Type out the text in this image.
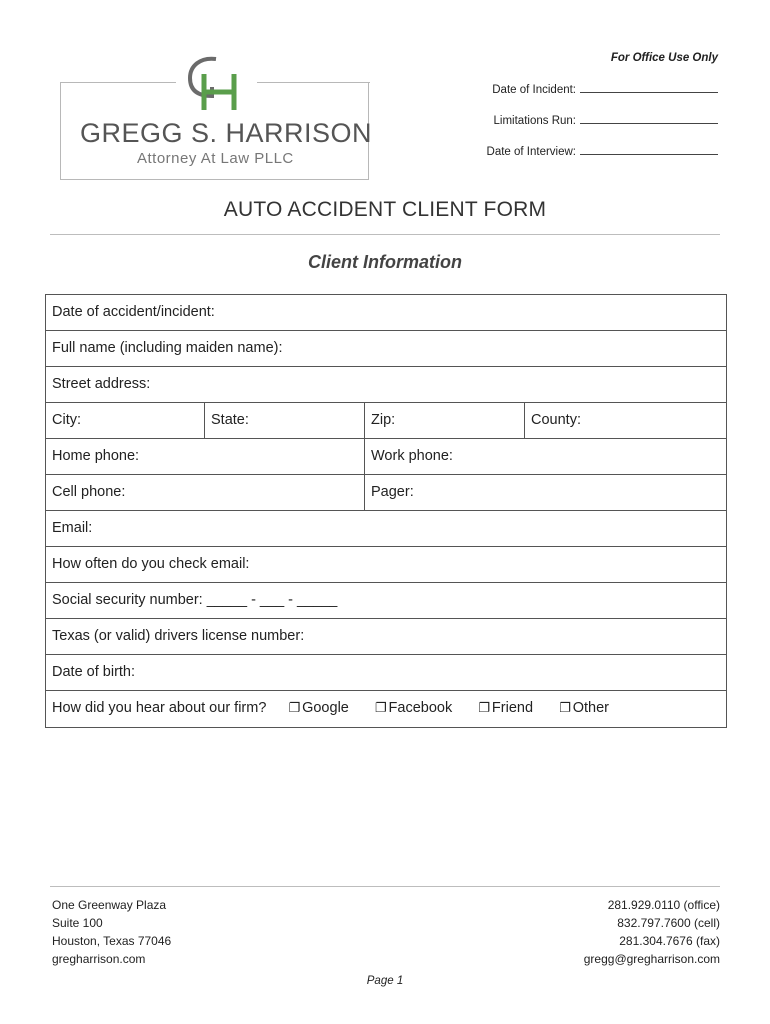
GREGG S. HARRISON
Attorney At Law PLLC
For Office Use Only
Date of Incident:
Limitations Run:
Date of Interview:
AUTO ACCIDENT CLIENT FORM
Client Information
Date of accident/incident:
Full name (including maiden name):
Street address:
City:	State:	Zip:	County:
Home phone:	Work phone:
Cell phone:	Pager:
Email:
How often do you check email:
Social security number: _____ - ___ - _____
Texas (or valid) drivers license number:
Date of birth:
How did you hear about our firm? ❐ Google ❐ Facebook ❐ Friend ❐ Other
One Greenway Plaza
Suite 100
Houston, Texas 77046
gregharrison.com
281.929.0110 (office)
832.797.7600 (cell)
281.304.7676 (fax)
gregg@gregharrison.com
Page 1
